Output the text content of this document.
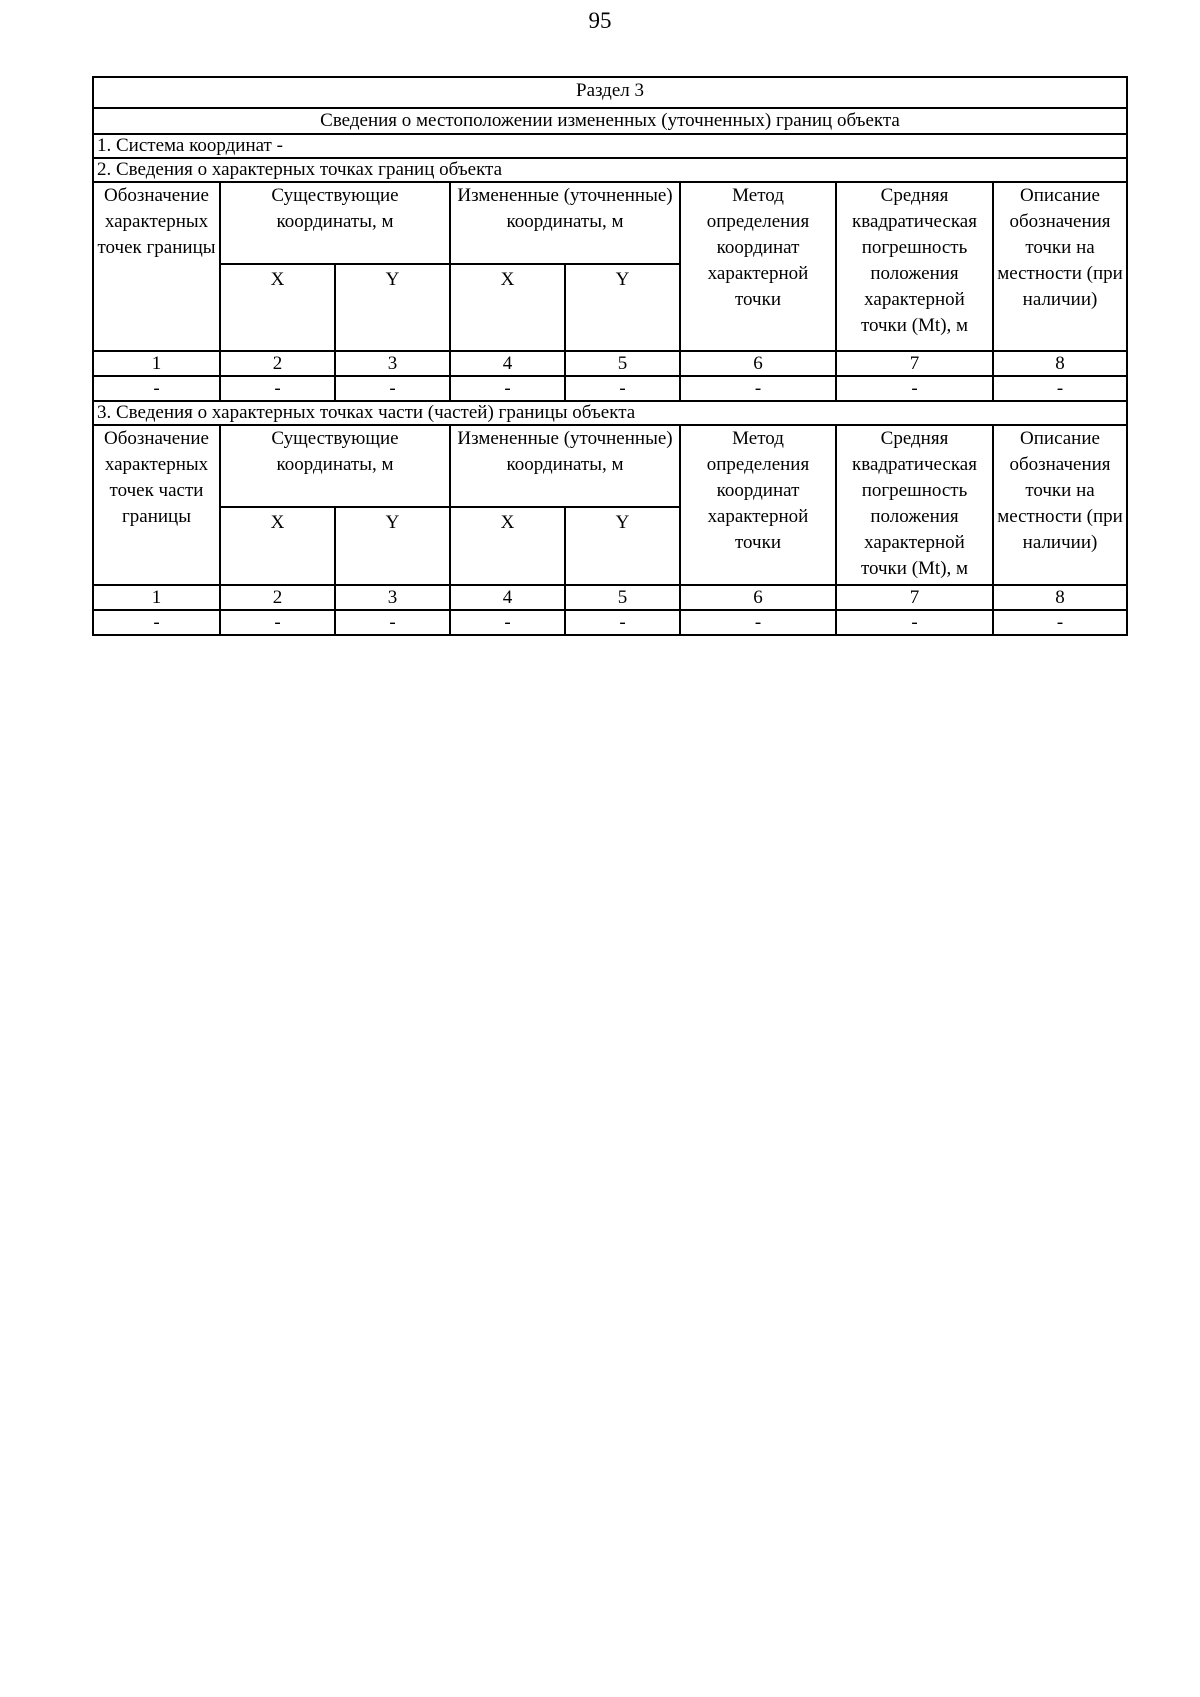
95
Раздел 3							
Сведения о местоположении измененных (уточненных) границ объекта							
1. Система координат -							
2. Сведения о характерных точках границ объекта							
Обозначение характерных точек границы	Существующие координаты, м		Измененные (уточненные) координаты, м		Метод определения координат характерной точки	Средняя квадратическая погрешность положения характерной точки (Mt), м	Описание обозначения точки на местности (при наличии)
	X	Y	X	Y			
1	2	3	4	5	6	7	8
-	-	-	-	-	-	-	-
3. Сведения о характерных точках части (частей) границы объекта							
Обозначение характерных точек части границы	Существующие координаты, м		Измененные (уточненные) координаты, м		Метод определения координат характерной точки	Средняя квадратическая погрешность положения характерной точки (Mt), м	Описание обозначения точки на местности (при наличии)
	X	Y	X	Y			
1	2	3	4	5	6	7	8
-	-	-	-	-	-	-	-
